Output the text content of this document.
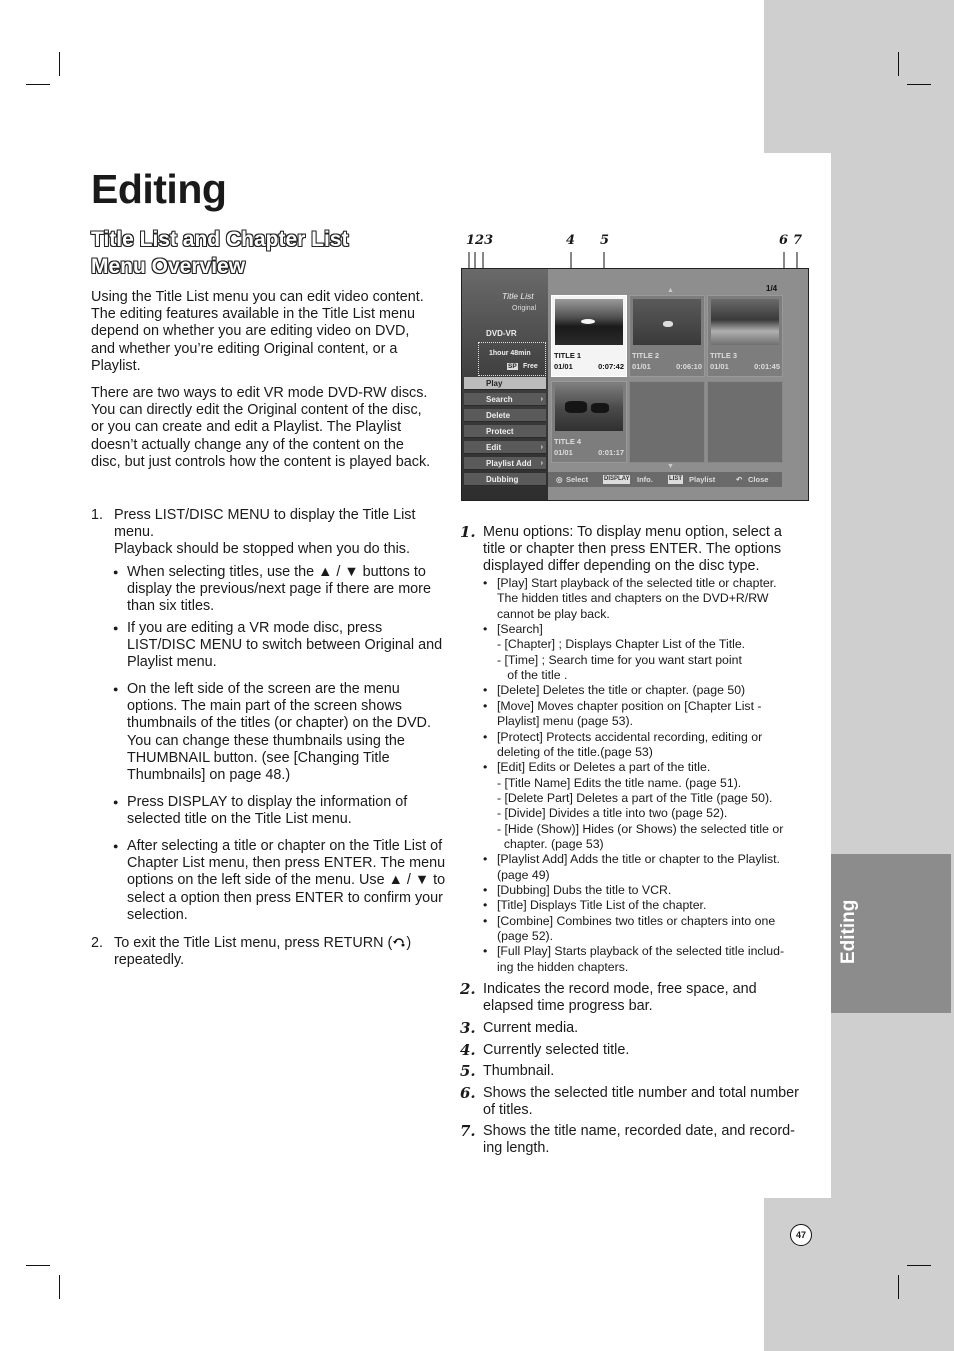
Editing
Editing
Title List and Chapter List
Menu Overview
Using the Title List menu you can edit video content. The editing features available in the Title List menu depend on whether you are editing video on DVD, and whether you’re editing Original content, or a Playlist.
There are two ways to edit VR mode DVD-RW discs. You can directly edit the Original content of the disc, or you can create and edit a Playlist. The Playlist doesn’t actually change any of the content on the disc, but just controls how the content is played back.
1. Press LIST/DISC MENU to display the Title List menu.
Playback should be stopped when you do this.
● When selecting titles, use the ▲ / ▼ buttons to display the previous/next page if there are more than six titles.
● If you are editing a VR mode disc, press LIST/DISC MENU to switch between Original and Playlist menu.
● On the left side of the screen are the menu options. The main part of the screen shows thumbnails of the titles (or chapter) on the DVD. You can change these thumbnails using the THUMBNAIL button. (see [Changing Title Thumbnails] on page 48.)
● Press DISPLAY to display the information of selected title on the Title List menu.
● After selecting a title or chapter on the Title List of Chapter List menu, then press ENTER. The menu options on the left side of the menu. Use ▲ / ▼ to select a option then press ENTER to confirm your selection.
2. To exit the Title List menu, press RETURN ( ) repeatedly.
123	4 5	6 7
Title List
Original
DVD-VR
1hour 48min
SP Free
Play
Search	›
Delete
Protect
Edit	›
Playlist Add ›
Dubbing
▲	1/4
TITLE 1
0:07:42
01/01
TITLE 2
0:06:10
01/01
TITLE 3
0:01:45
01/01
TITLE 4
0:01:17
01/01
▼
◎ Select	DISPLAY Info.	LIST Playlist	↶ Close
1. Menu options: To display menu option, select a title or chapter then press ENTER. The options displayed differ depending on the disc type.
• [Play] Start playback of the selected title or chapter.
The hidden titles and chapters on the DVD+R/RW
cannot be play back.
• [Search]
- [Chapter] ; Displays Chapter List of the Title.
- [Time] ; Search time for you want start point
of the title .
• [Delete] Deletes the title or chapter. (page 50)
• [Move] Moves chapter position on [Chapter List -
Playlist] menu (page 53).
• [Protect] Protects accidental recording, editing or
deleting of the title.(page 53)
• [Edit] Edits or Deletes a part of the title.
- [Title Name] Edits the title name. (page 51).
- [Delete Part] Deletes a part of the Title (page 50).
- [Divide] Divides a title into two (page 52).
- [Hide (Show)] Hides (or Shows) the selected title or
chapter. (page 53)
• [Playlist Add] Adds the title or chapter to the Playlist.
(page 49)
• [Dubbing] Dubs the title to VCR.
• [Title] Displays Title List of the chapter.
• [Combine] Combines two titles or chapters into one
(page 52).
• [Full Play] Starts playback of the selected title includ-
ing the hidden chapters.
2. Indicates the record mode, free space, and elapsed time progress bar.
3. Current media.
4. Currently selected title.
5. Thumbnail.
6. Shows the selected title number and total number of titles.
7. Shows the title name, recorded date, and record-ing length.
47
